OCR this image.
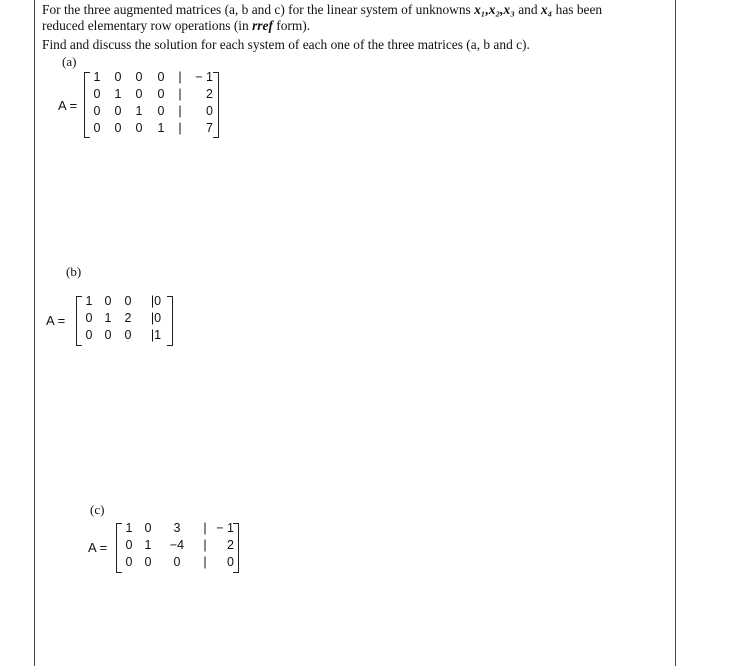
For the three augmented matrices (a, b and c) for the linear system of unknowns x₁,x₂,x₃ and x₄ has been
reduced elementary row operations (in rref form).
Find and discuss the solution for each system of each one of the three matrices (a, b and c).
(a)
A =
1 0 0 0	|	− 1
0 1 0 0	|	2
0 0 1 0	|	0
0 0 0 1	|	7
(b)
A =
1 0 0	|0
0 1 2	|0
0 0 0	|1
(c)
A =
1 0	3	| − 1
0 1	−4	|	2
0 0	0	|	0
